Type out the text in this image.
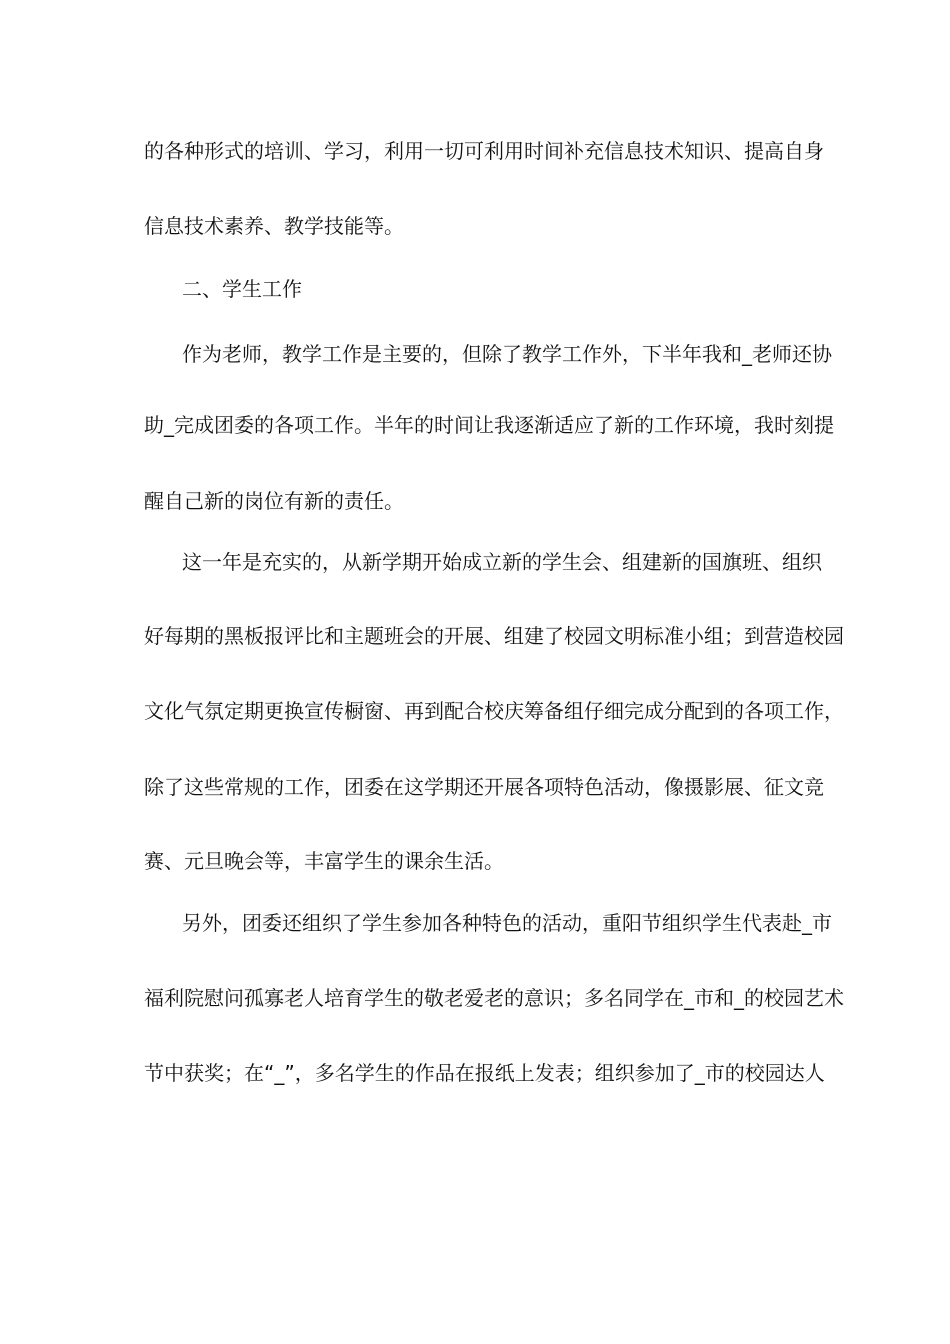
的各种形式的培训、学习，利用一切可利用时间补充信息技术知识、提高自身
信息技术素养、教学技能等。
二、学生工作
作为老师，教学工作是主要的，但除了教学工作外，下半年我和_老师还协
助_完成团委的各项工作。半年的时间让我逐渐适应了新的工作环境，我时刻提
醒自己新的岗位有新的责任。
这一年是充实的，从新学期开始成立新的学生会、组建新的国旗班、组织
好每期的黑板报评比和主题班会的开展、组建了校园文明标准小组；到营造校园
文化气氛定期更换宣传橱窗、再到配合校庆筹备组仔细完成分配到的各项工作，
除了这些常规的工作，团委在这学期还开展各项特色活动，像摄影展、征文竞
赛、元旦晚会等，丰富学生的课余生活。
另外，团委还组织了学生参加各种特色的活动，重阳节组织学生代表赴_市
福利院慰问孤寡老人培育学生的敬老爱老的意识；多名同学在_市和_的校园艺术
节中获奖；在“_”，多名学生的作品在报纸上发表；组织参加了_市的校园达人
